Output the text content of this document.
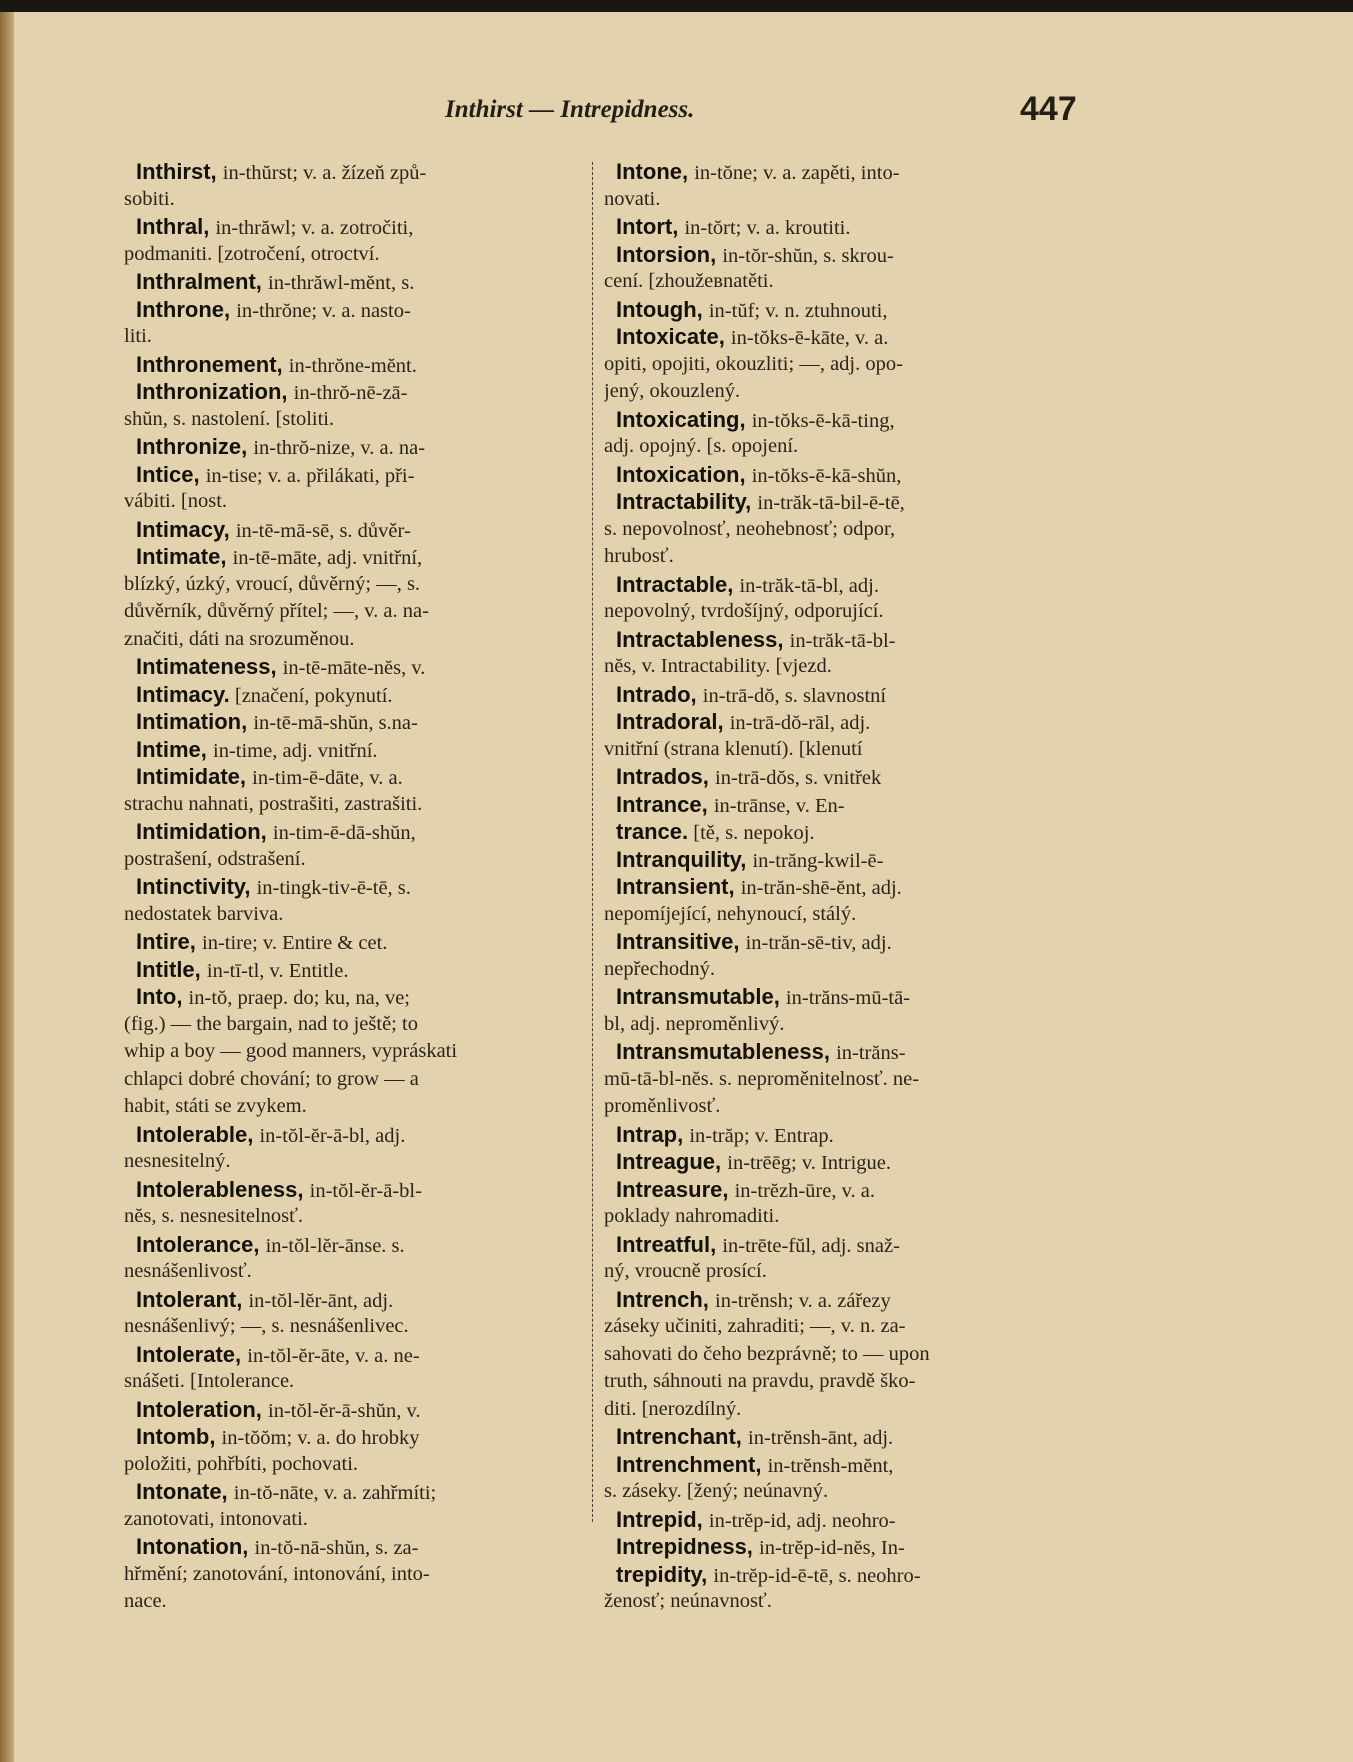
Inthirst — Intrepidness.	447
Inthirst, in-thŭrst; v. a. žízeň způ-
sobiti.
Inthral, in-thrăwl; v. a. zotročiti,
podmaniti. [zotročení, otroctví.
Inthralment, in-thrăwl-mĕnt, s.
Inthrone, in-thrŏne; v. a. nasto-
liti.
Inthronement, in-thrŏne-mĕnt.
Inthronization, in-thrŏ-nē-zā-
shŭn, s. nastolení. [stoliti.
Inthronize, in-thrŏ-nize, v. a. na-
Intice, in-tise; v. a. přilákati, při-
vábiti. [nost.
Intimacy, in-tē-mā-sē, s. důvěr-
Intimate, in-tē-māte, adj. vnitřní,
blízký, úzký, vroucí, důvěrný; —, s.
důvěrník, důvěrný přítel; —, v. a. na-
značiti, dáti na srozuměnou.
Intimateness, in-tē-māte-nĕs, v.
Intimacy. [značení, pokynutí.
Intimation, in-tē-mā-shŭn, s.na-
Intime, in-time, adj. vnitřní.
Intimidate, in-tim-ē-dāte, v. a.
strachu nahnati, postrašiti, zastrašiti.
Intimidation, in-tim-ē-dā-shŭn,
postrašení, odstrašení.
Intinctivity, in-tingk-tiv-ē-tē, s.
nedostatek barviva.
Intire, in-tire; v. Entire & cet.
Intitle, in-tī-tl, v. Entitle.
Into, in-tŏ, praep. do; ku, na, ve;
(fig.) — the bargain, nad to ještě; to
whip a boy — good manners, vypráskati
chlapci dobré chování; to grow — a
habit, státi se zvykem.
Intolerable, in-tŏl-ĕr-ā-bl, adj.
nesnesitelný.
Intolerableness, in-tŏl-ĕr-ā-bl-
nĕs, s. nesnesitelnosť.
Intolerance, in-tŏl-lĕr-ānse. s.
nesnášenlivosť.
Intolerant, in-tŏl-lĕr-ānt, adj.
nesnášenlivý; —, s. nesnášenlivec.
Intolerate, in-tŏl-ĕr-āte, v. a. ne-
snášeti. [Intolerance.
Intoleration, in-tŏl-ĕr-ā-shŭn, v.
Intomb, in-tŏŏm; v. a. do hrobky
položiti, pohřbíti, pochovati.
Intonate, in-tŏ-nāte, v. a. zahřmíti;
zanotovati, intonovati.
Intonation, in-tŏ-nā-shŭn, s. za-
hřmění; zanotování, intonování, into-
nace.
Intone, in-tŏne; v. a. zapěti, into-
novati.
Intort, in-tŏrt; v. a. kroutiti.
Intorsion, in-tŏr-shŭn, s. skrou-
cení. [zhoužевnatěti.
Intough, in-tŭf; v. n. ztuhnouti,
Intoxicate, in-tŏks-ē-kāte, v. a.
opiti, opojiti, okouzliti; —, adj. opo-
jený, okouzlený.
Intoxicating, in-tŏks-ē-kā-ting,
adj. opojný. [s. opojení.
Intoxication, in-tŏks-ē-kā-shŭn,
Intractability, in-trăk-tā-bil-ē-tē,
s. nepovolnosť, neohebnosť; odpor,
hrubosť.
Intractable, in-trăk-tā-bl, adj.
nepovolný, tvrdošíjný, odporující.
Intractableness, in-trăk-tā-bl-
nĕs, v. Intractability. [vjezd.
Intrado, in-trā-dŏ, s. slavnostní
Intradoral, in-trā-dŏ-rāl, adj.
vnitřní (strana klenutí). [klenutí
Intrados, in-trā-dŏs, s. vnitřek
Intrance, in-trānse, v. En-
trance. [tě, s. nepokoj.
Intranquility, in-trăng-kwil-ē-
Intransient, in-trăn-shē-ĕnt, adj.
nepomíjející, nehynoucí, stálý.
Intransitive, in-trăn-sē-tiv, adj.
nepřechodný.
Intransmutable, in-trăns-mū-tā-
bl, adj. neproměnlivý.
Intransmutableness, in-trăns-
mū-tā-bl-nĕs. s. neproměnitelnosť. ne-
proměnlivosť.
Intrap, in-trăp; v. Entrap.
Intreague, in-trēēg; v. Intrigue.
Intreasure, in-trĕzh-ūre, v. a.
poklady nahromaditi.
Intreatful, in-trēte-fŭl, adj. snaž-
ný, vroucně prosící.
Intrench, in-trĕnsh; v. a. zářezy
zásekу učiniti, zahraditi; —, v. n. za-
sahovati do čeho bezprávně; to — upon
truth, sáhnouti na pravdu, pravdě ško-
diti. [nerozdílný.
Intrenchant, in-trĕnsh-ānt, adj.
Intrenchment, in-trĕnsh-mĕnt,
s. zásеky. [žený; neúnavný.
Intrepid, in-trĕp-id, adj. neohro-
Intrepidness, in-trĕp-id-nĕs, In-
trepidity, in-trĕp-id-ē-tē, s. neohro-
ženosť; neúnavnosť.
